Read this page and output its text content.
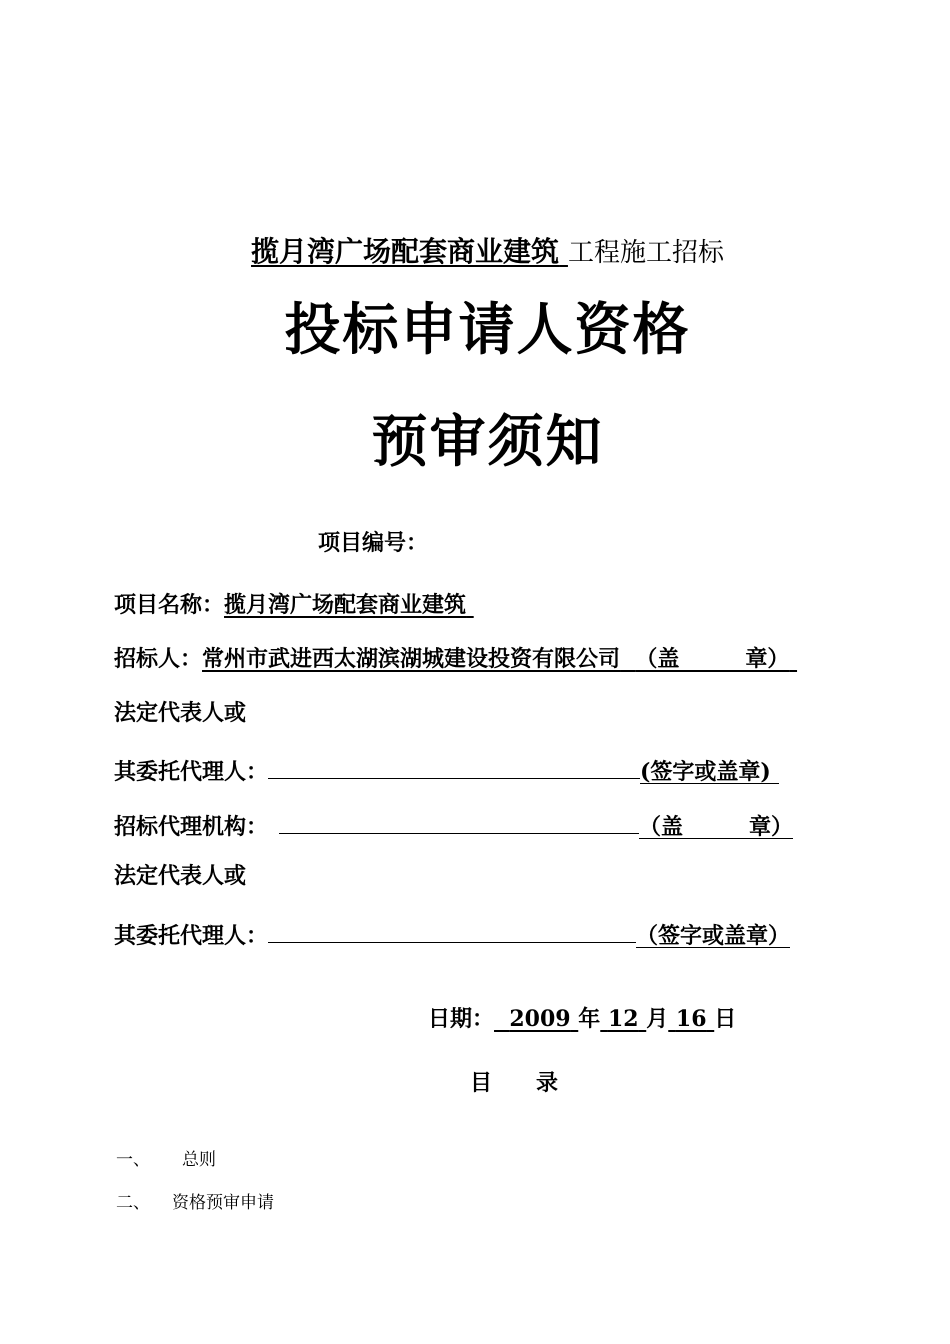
揽月湾广场配套商业建筑 工程施工招标
投标申请人资格
预审须知
项目编号：
项目名称：揽月湾广场配套商业建筑
招标人：常州市武进西太湖滨湖城建设投资有限公司 （盖　　　章）
法定代表人或
其委托代理人：	(签字或盖章)
招标代理机构：	（盖　　　章）
法定代表人或
其委托代理人：	（签字或盖章）
日期： 2009 年 12 月 16 日
目　　录
一、 总则
二、 资格预审申请
